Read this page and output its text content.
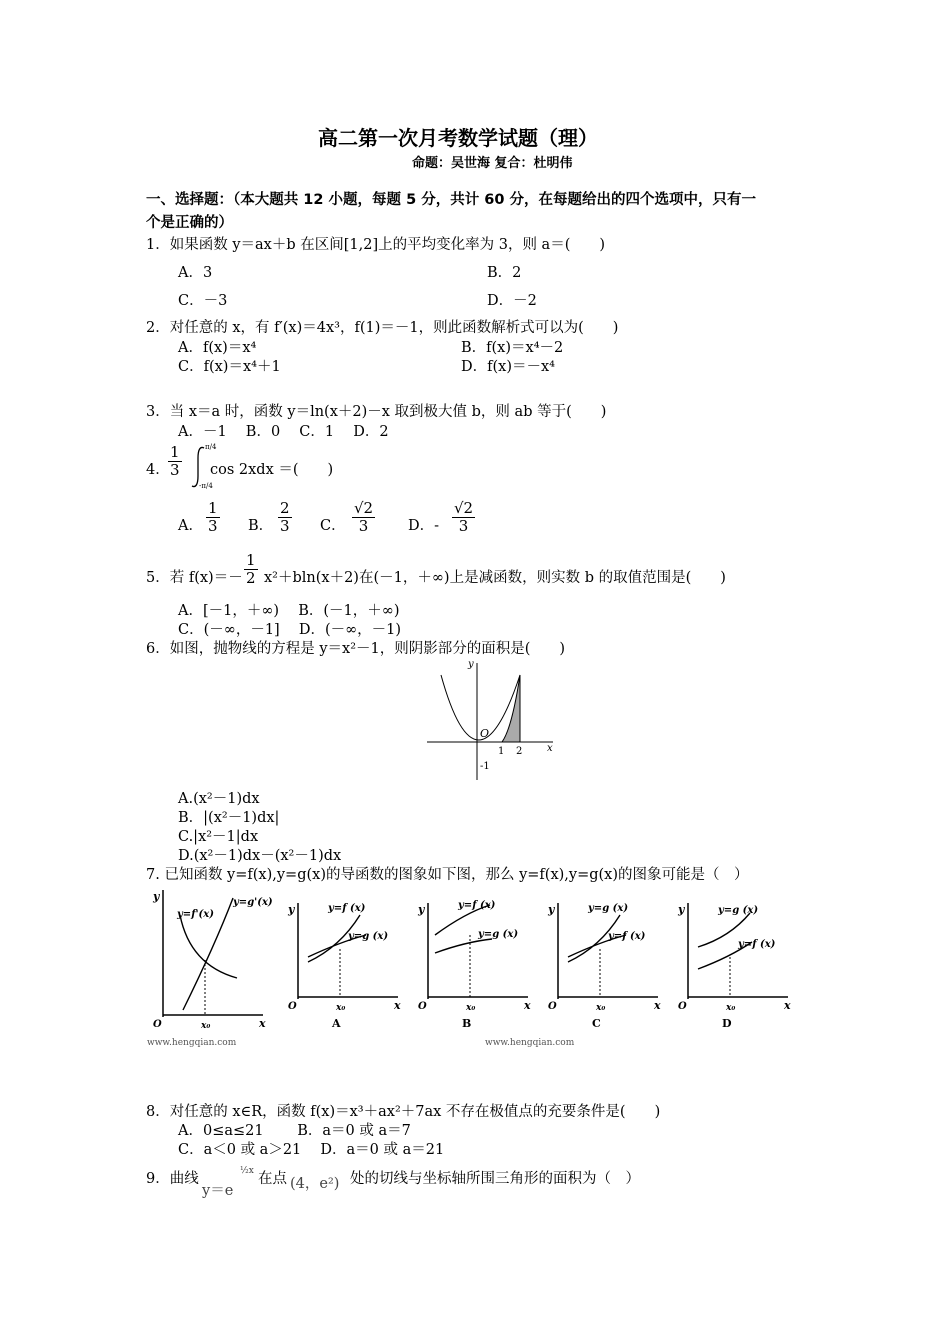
高二第一次月考数学试题（理）
命题：吴世海 复合：杜明伟
一、选择题：（本大题共 12 小题，每题 5 分，共计 60 分，在每题给出的四个选项中，只有一
个是正确的）
1．如果函数 y＝ax＋b 在区间[1,2]上的平均变化率为 3，则 a＝(　　)
A．3	B．2
C．－3	D．－2
2．对任意的 x，有 f′(x)＝4x³，f(1)＝－1，则此函数解析式可以为(　　)
A．f(x)＝x⁴	B．f(x)＝x⁴－2
C．f(x)＝x⁴＋1	D．f(x)＝－x⁴
3．当 x＝a 时，函数 y＝ln(x＋2)－x 取到极大值 b，则 ab 等于(　　)
A．－1　 B．0　 C．1　 D．2
4．
$\frac{1}{3}$	π/4
-π/4
cos 2xdx ＝(　　)
A． $\frac{1}{3}$ B． $\frac{2}{3}$ C． $\frac{√2}{3}$ D．- $\frac{√2}{3}$
5．若 $f(x)=- \frac{1}{2} x^2+bln(x+2)$在(－1，＋∞)上是减函数，则实数 b 的取值范围是(　　)
A．[－1，＋∞)　 B．(－1，＋∞)
C．(－∞，－1]　 D．(－∞，－1)
6．如图，抛物线的方程是 y＝x²－1，则阴影部分的面积是(　　)
y
x
O
1 2
-1
A.(x²－1)dx
B．|(x²－1)dx|
C.|x²－1|dx
D.(x²－1)dx－(x²－1)dx
7. 已知函数 y=f(x),y=g(x)的导函数的图象如下图，那么 y=f(x),y=g(x)的图象可能是（　）
y
x
O	x₀
y=g'(x)
y=f'(x)	y
x
O	x₀
y=f (x)
y=g (x)
A
y
x
O	x₀
y=f (x)
y=g (x)
B
y
x
O	x₀
y=g (x)
y=f (x)
C
y
x
O	x₀
y=g (x)
y=f (x)
D
www.hengqian.com	www.hengqian.com
8．对任意的 x∈R，函数 f(x)＝x³＋ax²＋7ax 不存在极值点的充要条件是(　　)
A．0≤a≤21　　 B．a＝0 或 a＝7
C．a＜0 或 a＞21　 D．a＝0 或 a＝21
9．曲线
y＝e
½x 在点 (4，e²) 处的切线与坐标轴所围三角形的面积为（　）
